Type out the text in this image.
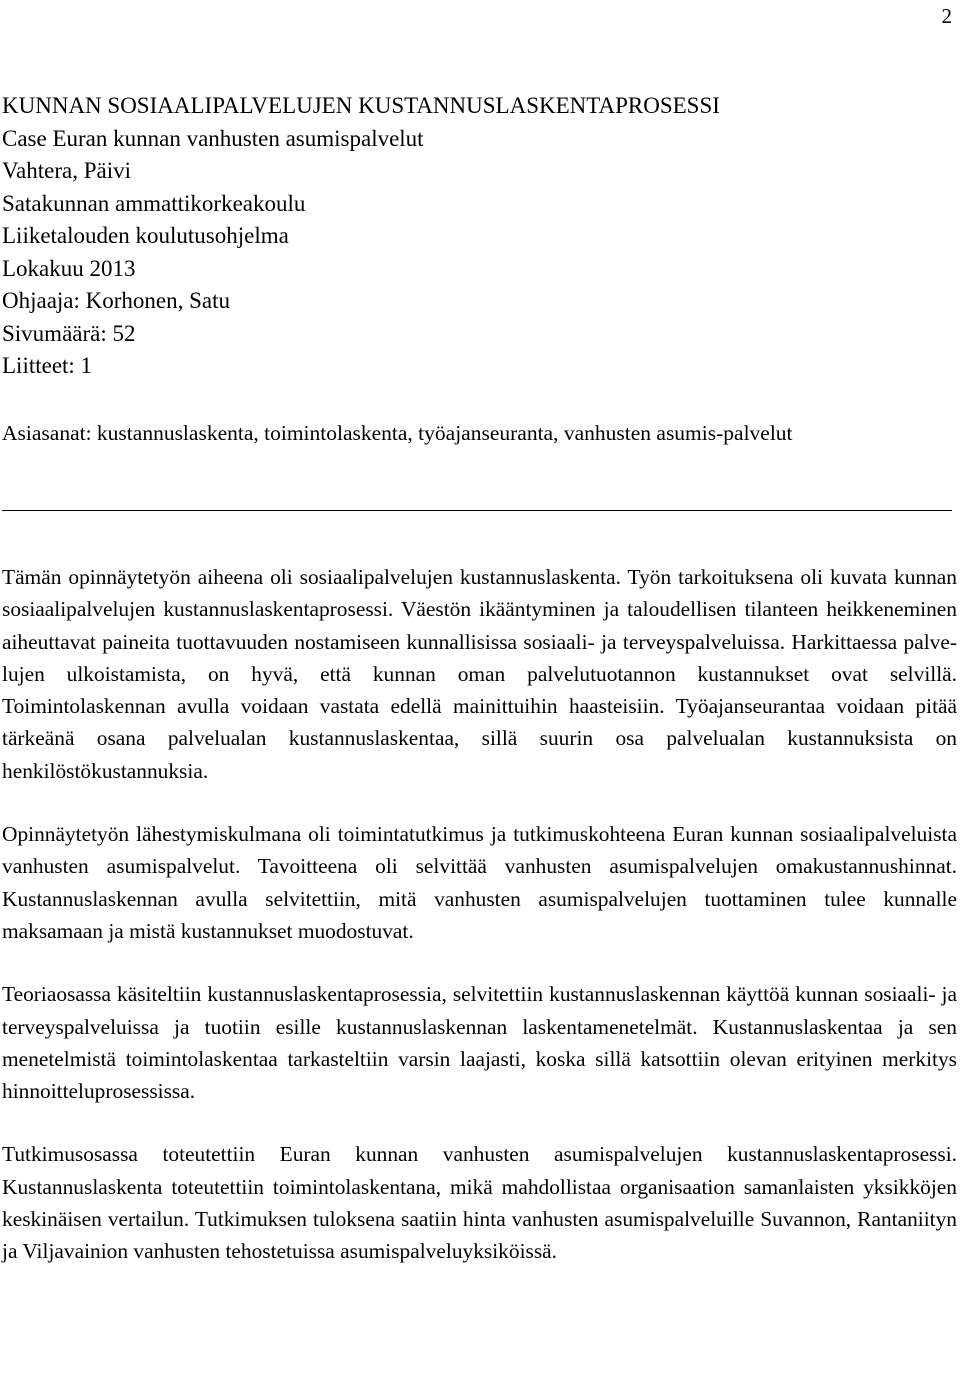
2
KUNNAN SOSIAALIPALVELUJEN KUSTANNUSLASKENTAPROSESSI
Case Euran kunnan vanhusten asumispalvelut
Vahtera, Päivi
Satakunnan ammattikorkeakoulu
Liiketalouden koulutusohjelma
Lokakuu 2013
Ohjaaja: Korhonen, Satu
Sivumäärä: 52
Liitteet: 1
Asiasanat: kustannuslaskenta, toimintolaskenta, työajanseuranta, vanhusten asumis-palvelut

Tämän opinnäytetyön aiheena oli sosiaalipalvelujen kustannuslaskenta. Työn tarkoituksena oli kuvata kunnan sosiaalipalvelujen kustannuslaskentaprosessi. Väestön ikääntyminen ja taloudellisen tilanteen heikkeneminen aiheuttavat paineita tuottavuuden nostamiseen kunnallisissa sosiaali- ja terveyspalveluissa. Harkittaessa palvelujen ulkoistamista, on hyvä, että kunnan oman palvelutuotannon kustannukset ovat selvillä. Toimintolaskennan avulla voidaan vastata edellä mainittuihin haasteisiin. Työajanseurantaa voidaan pitää tärkeänä osana palvelualan kustannuslaskentaa, sillä suurin osa palvelualan kustannuksista on henkilöstökustannuksia.

Opinnäytetyön lähestymiskulmana oli toimintatutkimus ja tutkimuskohteena Euran kunnan sosiaalipalveluista vanhusten asumispalvelut. Tavoitteena oli selvittää vanhusten asumispalvelujen omakustannushinnat. Kustannuslaskennan avulla selvitettiin, mitä vanhusten asumispalvelujen tuottaminen tulee kunnalle maksamaan ja mistä kustannukset muodostuvat.

Teoriaosassa käsiteltiin kustannuslaskentaprosessia, selvitettiin kustannuslaskennan käyttöä kunnan sosiaali- ja terveyspalveluissa ja tuotiin esille kustannuslaskennan laskentamenetelmät. Kustannuslaskentaa ja sen menetelmistä toimintolaskentaa tarkasteltiin varsin laajasti, koska sillä katsottiin olevan erityinen merkitys hinnoitteluprosessissa.

Tutkimusosassa toteutettiin Euran kunnan vanhusten asumispalvelujen kustannuslaskentaprosessi. Kustannuslaskenta toteutettiin toimintolaskentana, mikä mahdollistaa organisaation samanlaisten yksikköjen keskinäisen vertailun. Tutkimuksen tuloksena saatiin hinta vanhusten asumispalveluille Suvannon, Rantaniityn ja Viljavainion vanhusten tehostetuissa asumispalveluyksiköissä.
